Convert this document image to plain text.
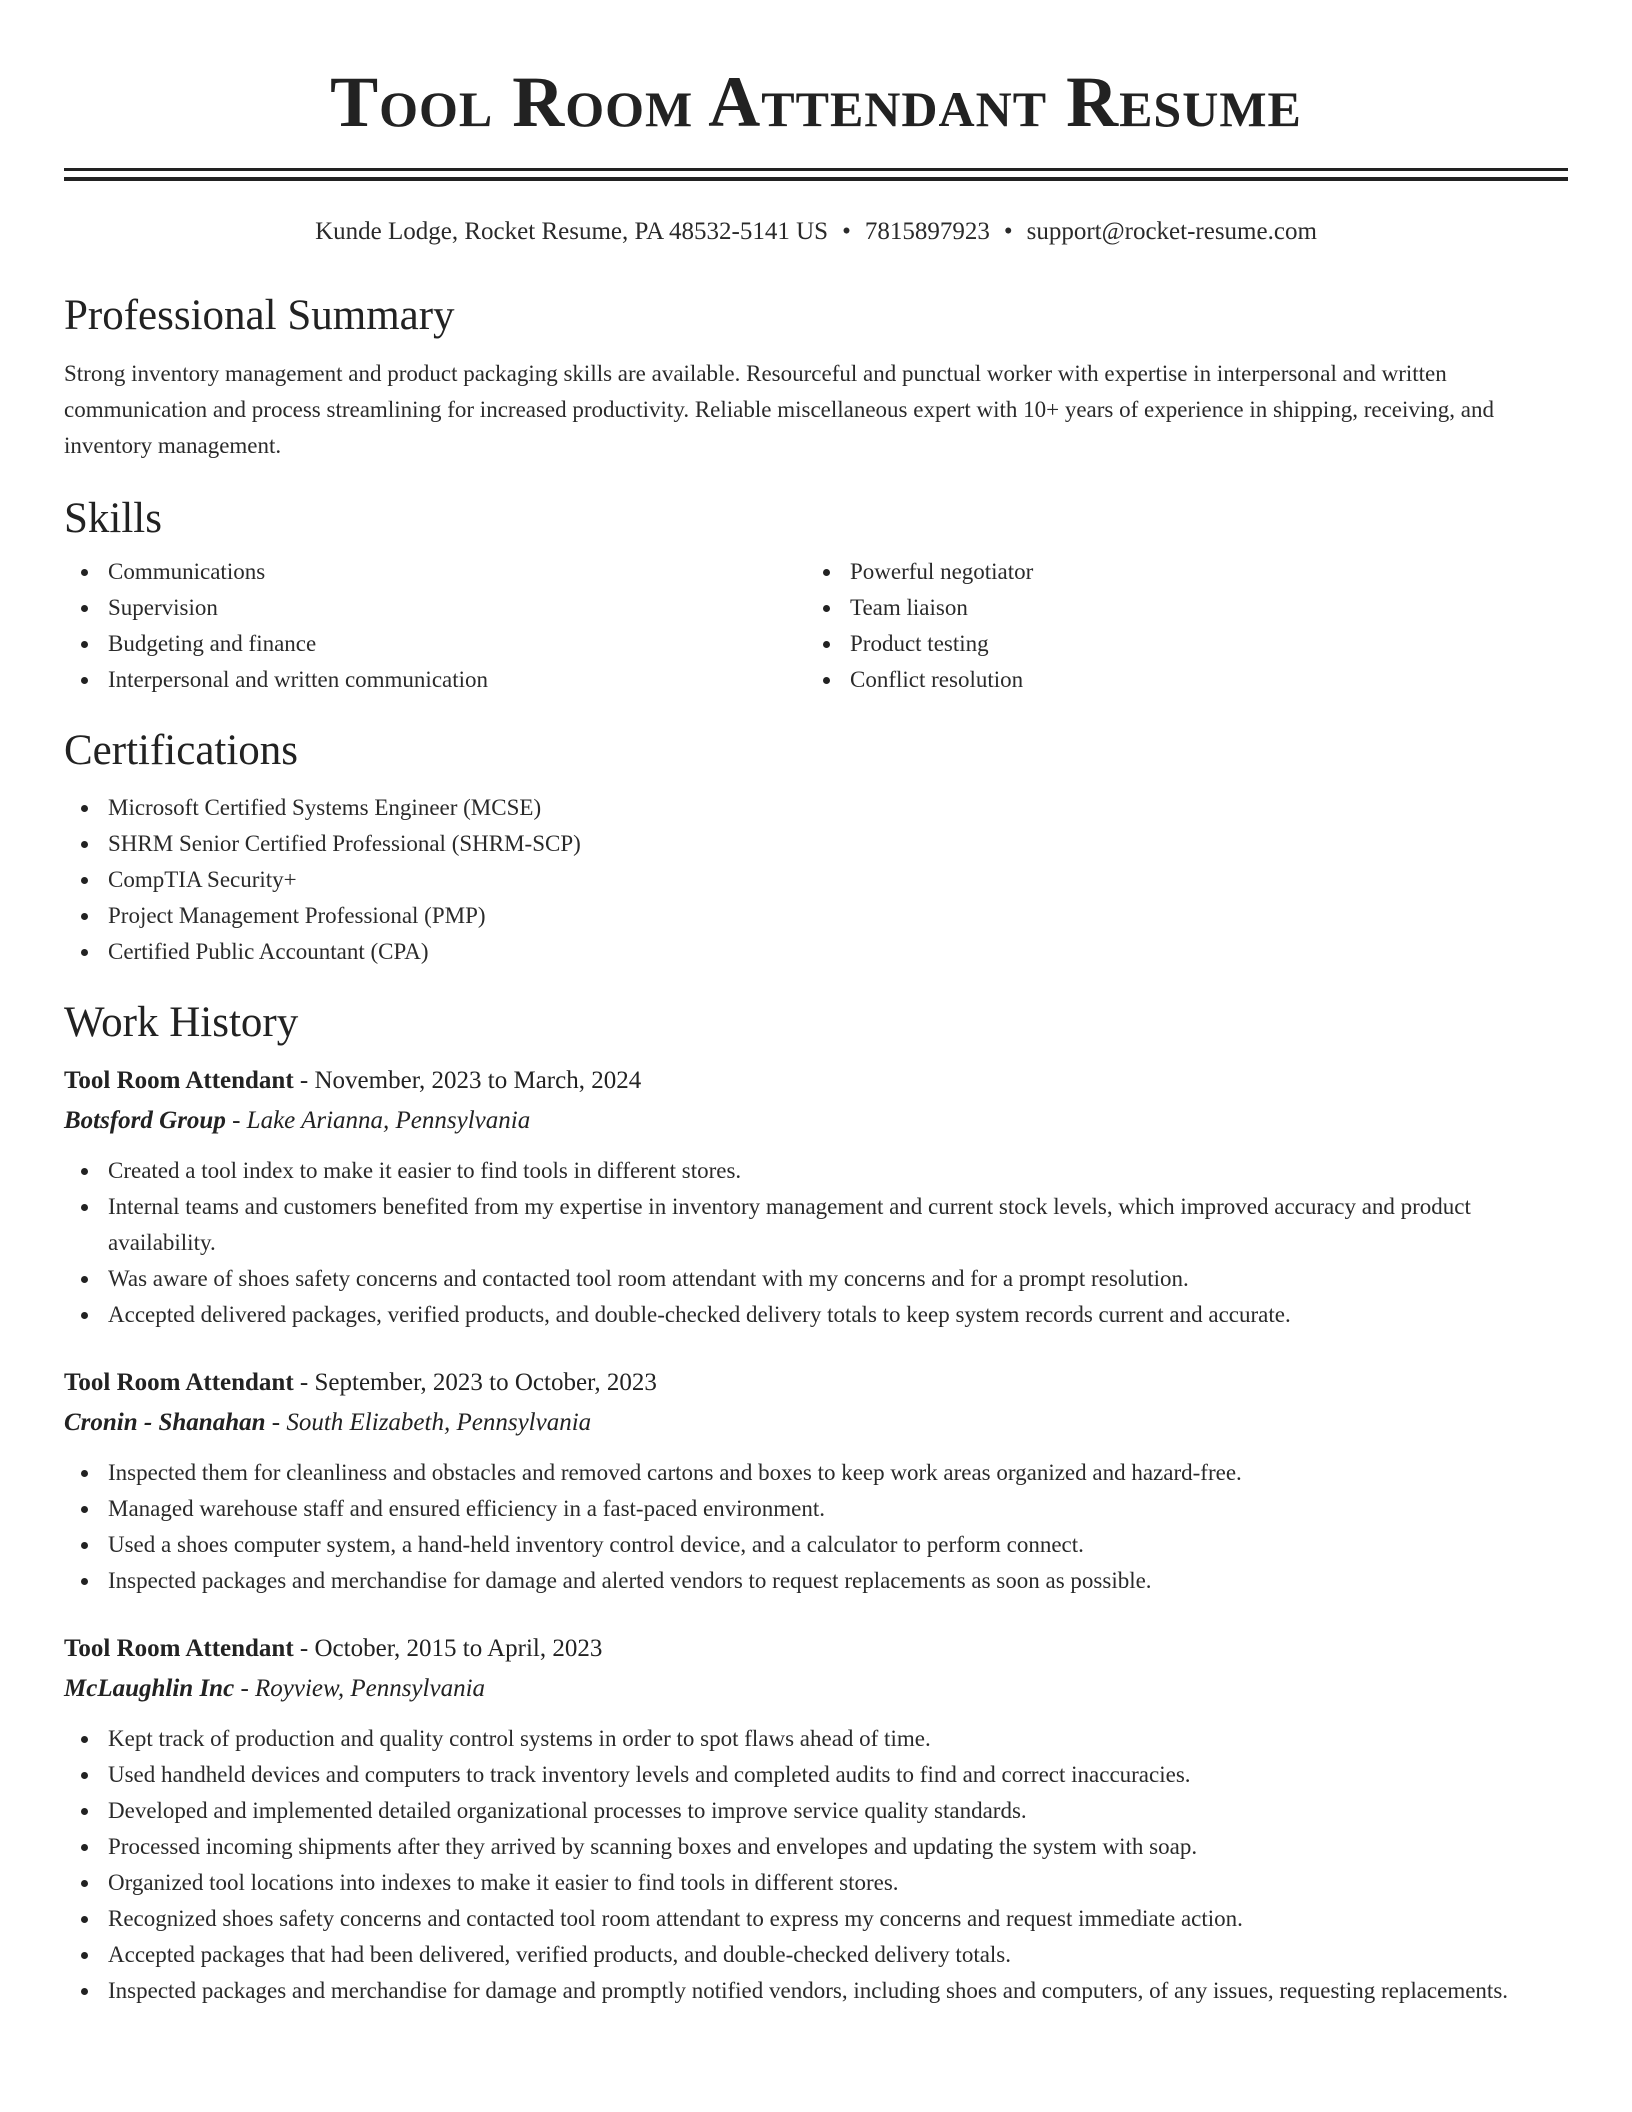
Tool Room Attendant Resume
Kunde Lodge, Rocket Resume, PA 48532-5141 US • 7815897923 • support@rocket-resume.com
Professional Summary

Strong inventory management and product packaging skills are available. Resourceful and punctual worker with expertise in interpersonal and written communication and process streamlining for increased productivity. Reliable miscellaneous expert with 10+ years of experience in shipping, receiving, and inventory management.

Skills
Communications
Supervision
Budgeting and finance
Interpersonal and written communication
Powerful negotiator
Team liaison
Product testing
Conflict resolution
Certifications
Microsoft Certified Systems Engineer (MCSE)
SHRM Senior Certified Professional (SHRM-SCP)
CompTIA Security+
Project Management Professional (PMP)
Certified Public Accountant (CPA)
Work History
Tool Room Attendant - November, 2023 to March, 2024
Botsford Group - Lake Arianna, Pennsylvania
Created a tool index to make it easier to find tools in different stores.
Internal teams and customers benefited from my expertise in inventory management and current stock levels, which improved accuracy and product availability.
Was aware of shoes safety concerns and contacted tool room attendant with my concerns and for a prompt resolution.
Accepted delivered packages, verified products, and double-checked delivery totals to keep system records current and accurate.
Tool Room Attendant - September, 2023 to October, 2023
Cronin - Shanahan - South Elizabeth, Pennsylvania
Inspected them for cleanliness and obstacles and removed cartons and boxes to keep work areas organized and hazard-free.
Managed warehouse staff and ensured efficiency in a fast-paced environment.
Used a shoes computer system, a hand-held inventory control device, and a calculator to perform connect.
Inspected packages and merchandise for damage and alerted vendors to request replacements as soon as possible.
Tool Room Attendant - October, 2015 to April, 2023
McLaughlin Inc - Royview, Pennsylvania
Kept track of production and quality control systems in order to spot flaws ahead of time.
Used handheld devices and computers to track inventory levels and completed audits to find and correct inaccuracies.
Developed and implemented detailed organizational processes to improve service quality standards.
Processed incoming shipments after they arrived by scanning boxes and envelopes and updating the system with soap.
Organized tool locations into indexes to make it easier to find tools in different stores.
Recognized shoes safety concerns and contacted tool room attendant to express my concerns and request immediate action.
Accepted packages that had been delivered, verified products, and double-checked delivery totals.
Inspected packages and merchandise for damage and promptly notified vendors, including shoes and computers, of any issues, requesting replacements.
